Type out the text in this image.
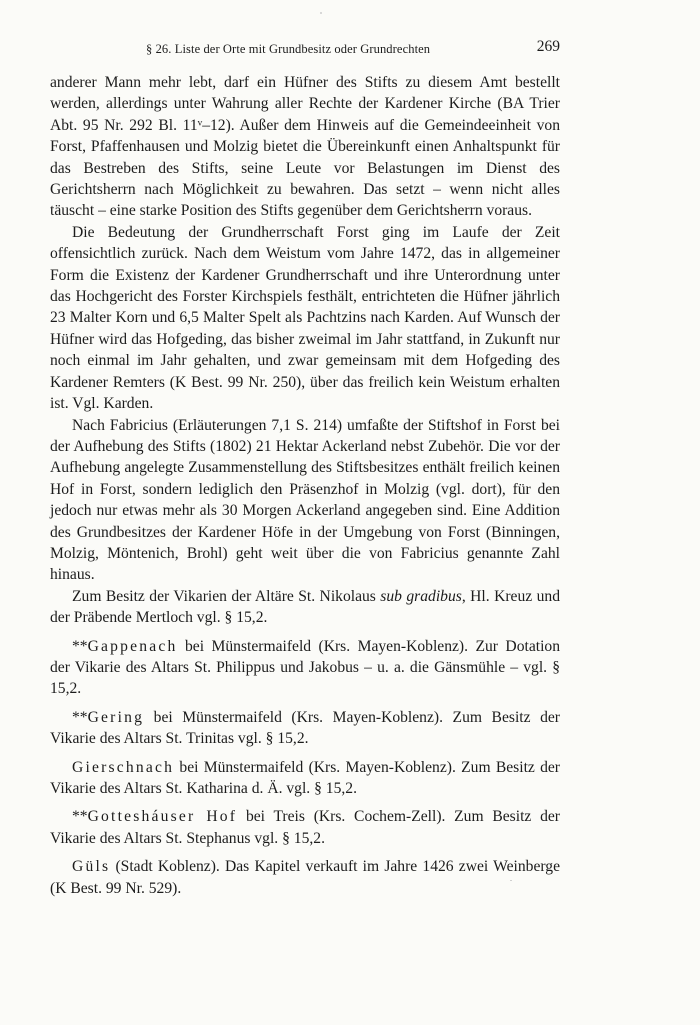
§ 26. Liste der Orte mit Grundbesitz oder Grundrechten	269

anderer Mann mehr lebt, darf ein Hüfner des Stifts zu diesem Amt bestellt werden, allerdings unter Wahrung aller Rechte der Kardener Kirche (BA Trier Abt. 95 Nr. 292 Bl. 11ᵛ–12). Außer dem Hinweis auf die Gemeindeeinheit von Forst, Pfaffenhausen und Molzig bietet die Übereinkunft einen Anhaltspunkt für das Bestreben des Stifts, seine Leute vor Belastungen im Dienst des Gerichtsherrn nach Möglichkeit zu bewahren. Das setzt – wenn nicht alles täuscht – eine starke Position des Stifts gegenüber dem Gerichtsherrn voraus.

Die Bedeutung der Grundherrschaft Forst ging im Laufe der Zeit offensichtlich zurück. Nach dem Weistum vom Jahre 1472, das in allgemeiner Form die Existenz der Kardener Grundherrschaft und ihre Unterordnung unter das Hochgericht des Forster Kirchspiels festhält, entrichteten die Hüfner jährlich 23 Malter Korn und 6,5 Malter Spelt als Pachtzins nach Karden. Auf Wunsch der Hüfner wird das Hofgeding, das bisher zweimal im Jahr stattfand, in Zukunft nur noch einmal im Jahr gehalten, und zwar gemeinsam mit dem Hofgeding des Kardener Remters (K Best. 99 Nr. 250), über das freilich kein Weistum erhalten ist. Vgl. Karden.

Nach Fabricius (Erläuterungen 7,1 S. 214) umfaßte der Stiftshof in Forst bei der Aufhebung des Stifts (1802) 21 Hektar Ackerland nebst Zubehör. Die vor der Aufhebung angelegte Zusammenstellung des Stiftsbesitzes enthält freilich keinen Hof in Forst, sondern lediglich den Präsenzhof in Molzig (vgl. dort), für den jedoch nur etwas mehr als 30 Morgen Ackerland angegeben sind. Eine Addition des Grundbesitzes der Kardener Höfe in der Umgebung von Forst (Binningen, Molzig, Möntenich, Brohl) geht weit über die von Fabricius genannte Zahl hinaus.

Zum Besitz der Vikarien der Altäre St. Nikolaus sub gradibus, Hl. Kreuz und der Präbende Mertloch vgl. § 15,2.

**Gappenach bei Münstermaifeld (Krs. Mayen-Koblenz). Zur Dotation der Vikarie des Altars St. Philippus und Jakobus – u. a. die Gänsmühle – vgl. § 15,2.

**Gering bei Münstermaifeld (Krs. Mayen-Koblenz). Zum Besitz der Vikarie des Altars St. Trinitas vgl. § 15,2.

Gierschnach bei Münstermaifeld (Krs. Mayen-Koblenz). Zum Besitz der Vikarie des Altars St. Katharina d. Ä. vgl. § 15,2.

**Gottesháuser Hof bei Treis (Krs. Cochem-Zell). Zum Besitz der Vikarie des Altars St. Stephanus vgl. § 15,2.

Güls (Stadt Koblenz). Das Kapitel verkauft im Jahre 1426 zwei Weinberge (K Best. 99 Nr. 529).
